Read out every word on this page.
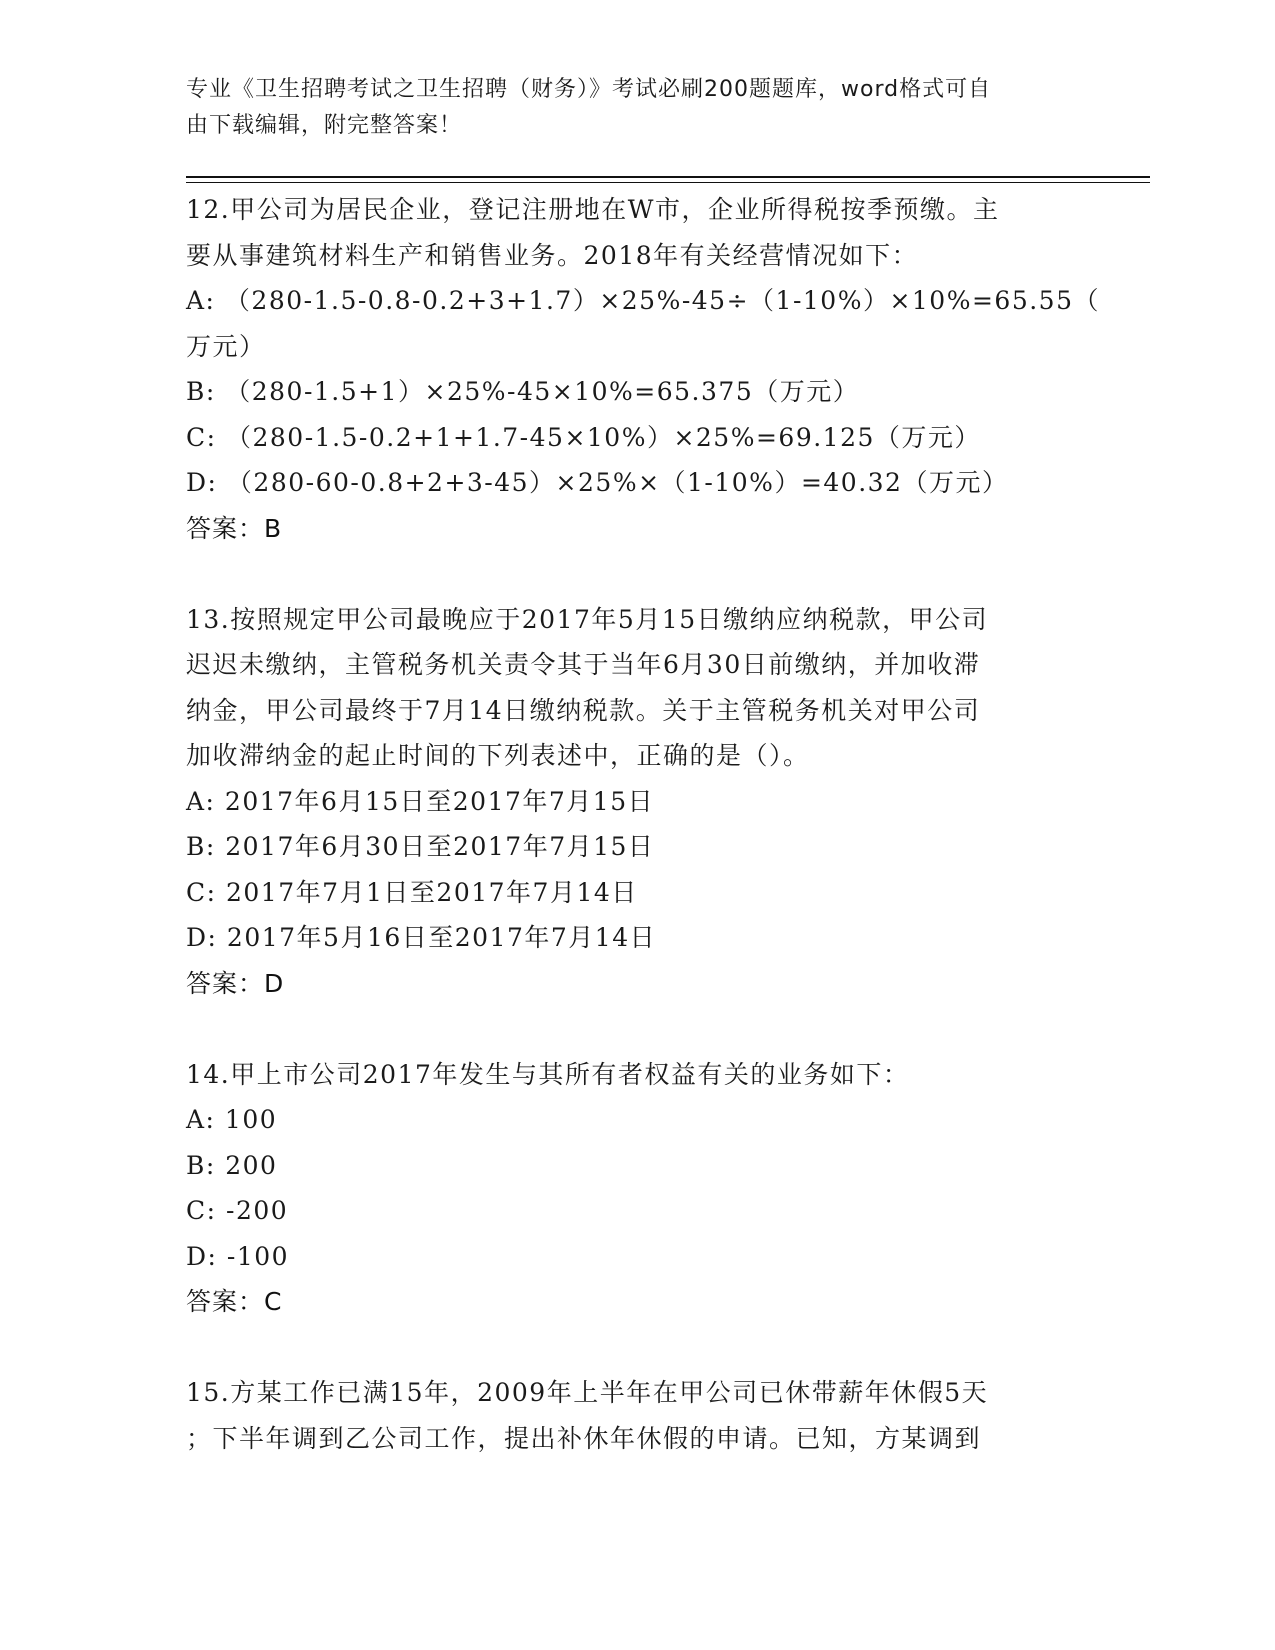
专业《卫生招聘考试之卫生招聘（财务）》考试必刷200题题库，word格式可自
由下载编辑，附完整答案！
12.甲公司为居民企业，登记注册地在W市，企业所得税按季预缴。主
要从事建筑材料生产和销售业务。2018年有关经营情况如下：
A: （280-1.5-0.8-0.2+3+1.7）×25%-45÷（1-10%）×10%=65.55（
万元）
B: （280-1.5+1）×25%-45×10%=65.375（万元）
C: （280-1.5-0.2+1+1.7-45×10%）×25%=69.125（万元）
D: （280-60-0.8+2+3-45）×25%×（1-10%）=40.32（万元）
答案：B
13.按照规定甲公司最晚应于2017年5月15日缴纳应纳税款，甲公司
迟迟未缴纳，主管税务机关责令其于当年6月30日前缴纳，并加收滞
纳金，甲公司最终于7月14日缴纳税款。关于主管税务机关对甲公司
加收滞纳金的起止时间的下列表述中，正确的是（）。
A: 2017年6月15日至2017年7月15日
B: 2017年6月30日至2017年7月15日
C: 2017年7月1日至2017年7月14日
D: 2017年5月16日至2017年7月14日
答案：D
14.甲上市公司2017年发生与其所有者权益有关的业务如下：
A: 100
B: 200
C: -200
D: -100
答案：C
15.方某工作已满15年，2009年上半年在甲公司已休带薪年休假5天
；下半年调到乙公司工作，提出补休年休假的申请。已知，方某调到
